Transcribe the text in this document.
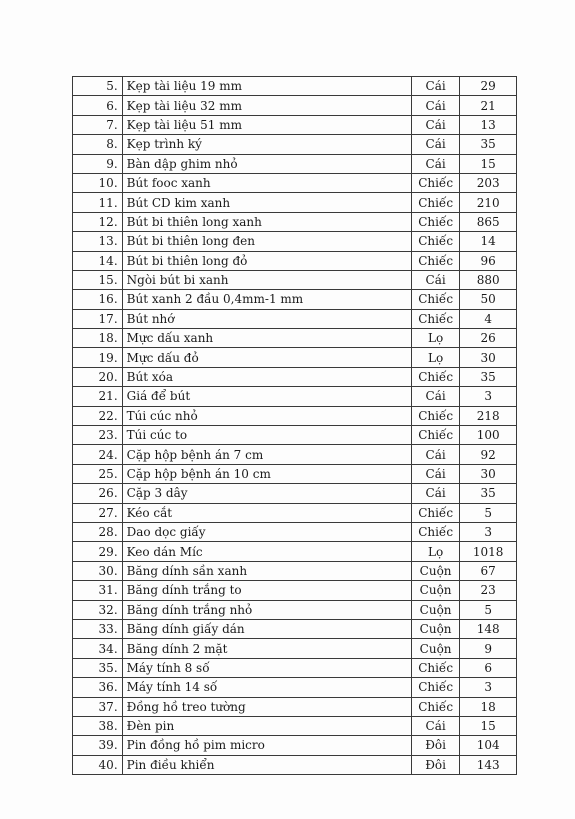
5.	Kẹp tài liệu 19 mm	Cái	29
6.	Kẹp tài liệu 32 mm	Cái	21
7.	Kẹp tài liệu 51 mm	Cái	13
8.	Kẹp trình ký	Cái	35
9.	Bàn dập ghim nhỏ	Cái	15
10.	Bút fooc xanh	Chiếc	203
11.	Bút CD kim xanh	Chiếc	210
12.	Bút bi thiên long xanh	Chiếc	865
13.	Bút bi thiên long đen	Chiếc	14
14.	Bút bi thiên long đỏ	Chiếc	96
15.	Ngòi bút bi xanh	Cái	880
16.	Bút xanh 2 đầu 0,4mm-1 mm	Chiếc	50
17.	Bút nhớ	Chiếc	4
18.	Mực dấu xanh	Lọ	26
19.	Mực dấu đỏ	Lọ	30
20.	Bút xóa	Chiếc	35
21.	Giá để bút	Cái	3
22.	Túi cúc nhỏ	Chiếc	218
23.	Túi cúc to	Chiếc	100
24.	Cặp hộp bệnh án 7 cm	Cái	92
25.	Cặp hộp bệnh án 10 cm	Cái	30
26.	Cặp 3 dây	Cái	35
27.	Kéo cắt	Chiếc	5
28.	Dao dọc giấy	Chiếc	3
29.	Keo dán Míc	Lọ	1018
30.	Băng dính sần xanh	Cuộn	67
31.	Băng dính trắng to	Cuộn	23
32.	Băng dính trắng nhỏ	Cuộn	5
33.	Băng dính giấy dán	Cuộn	148
34.	Băng dính 2 mặt	Cuộn	9
35.	Máy tính 8 số	Chiếc	6
36.	Máy tính 14 số	Chiếc	3
37.	Đồng hồ treo tường	Chiếc	18
38.	Đèn pin	Cái	15
39.	Pin đồng hồ pim micro	Đôi	104
40.	Pin điều khiển	Đôi	143
